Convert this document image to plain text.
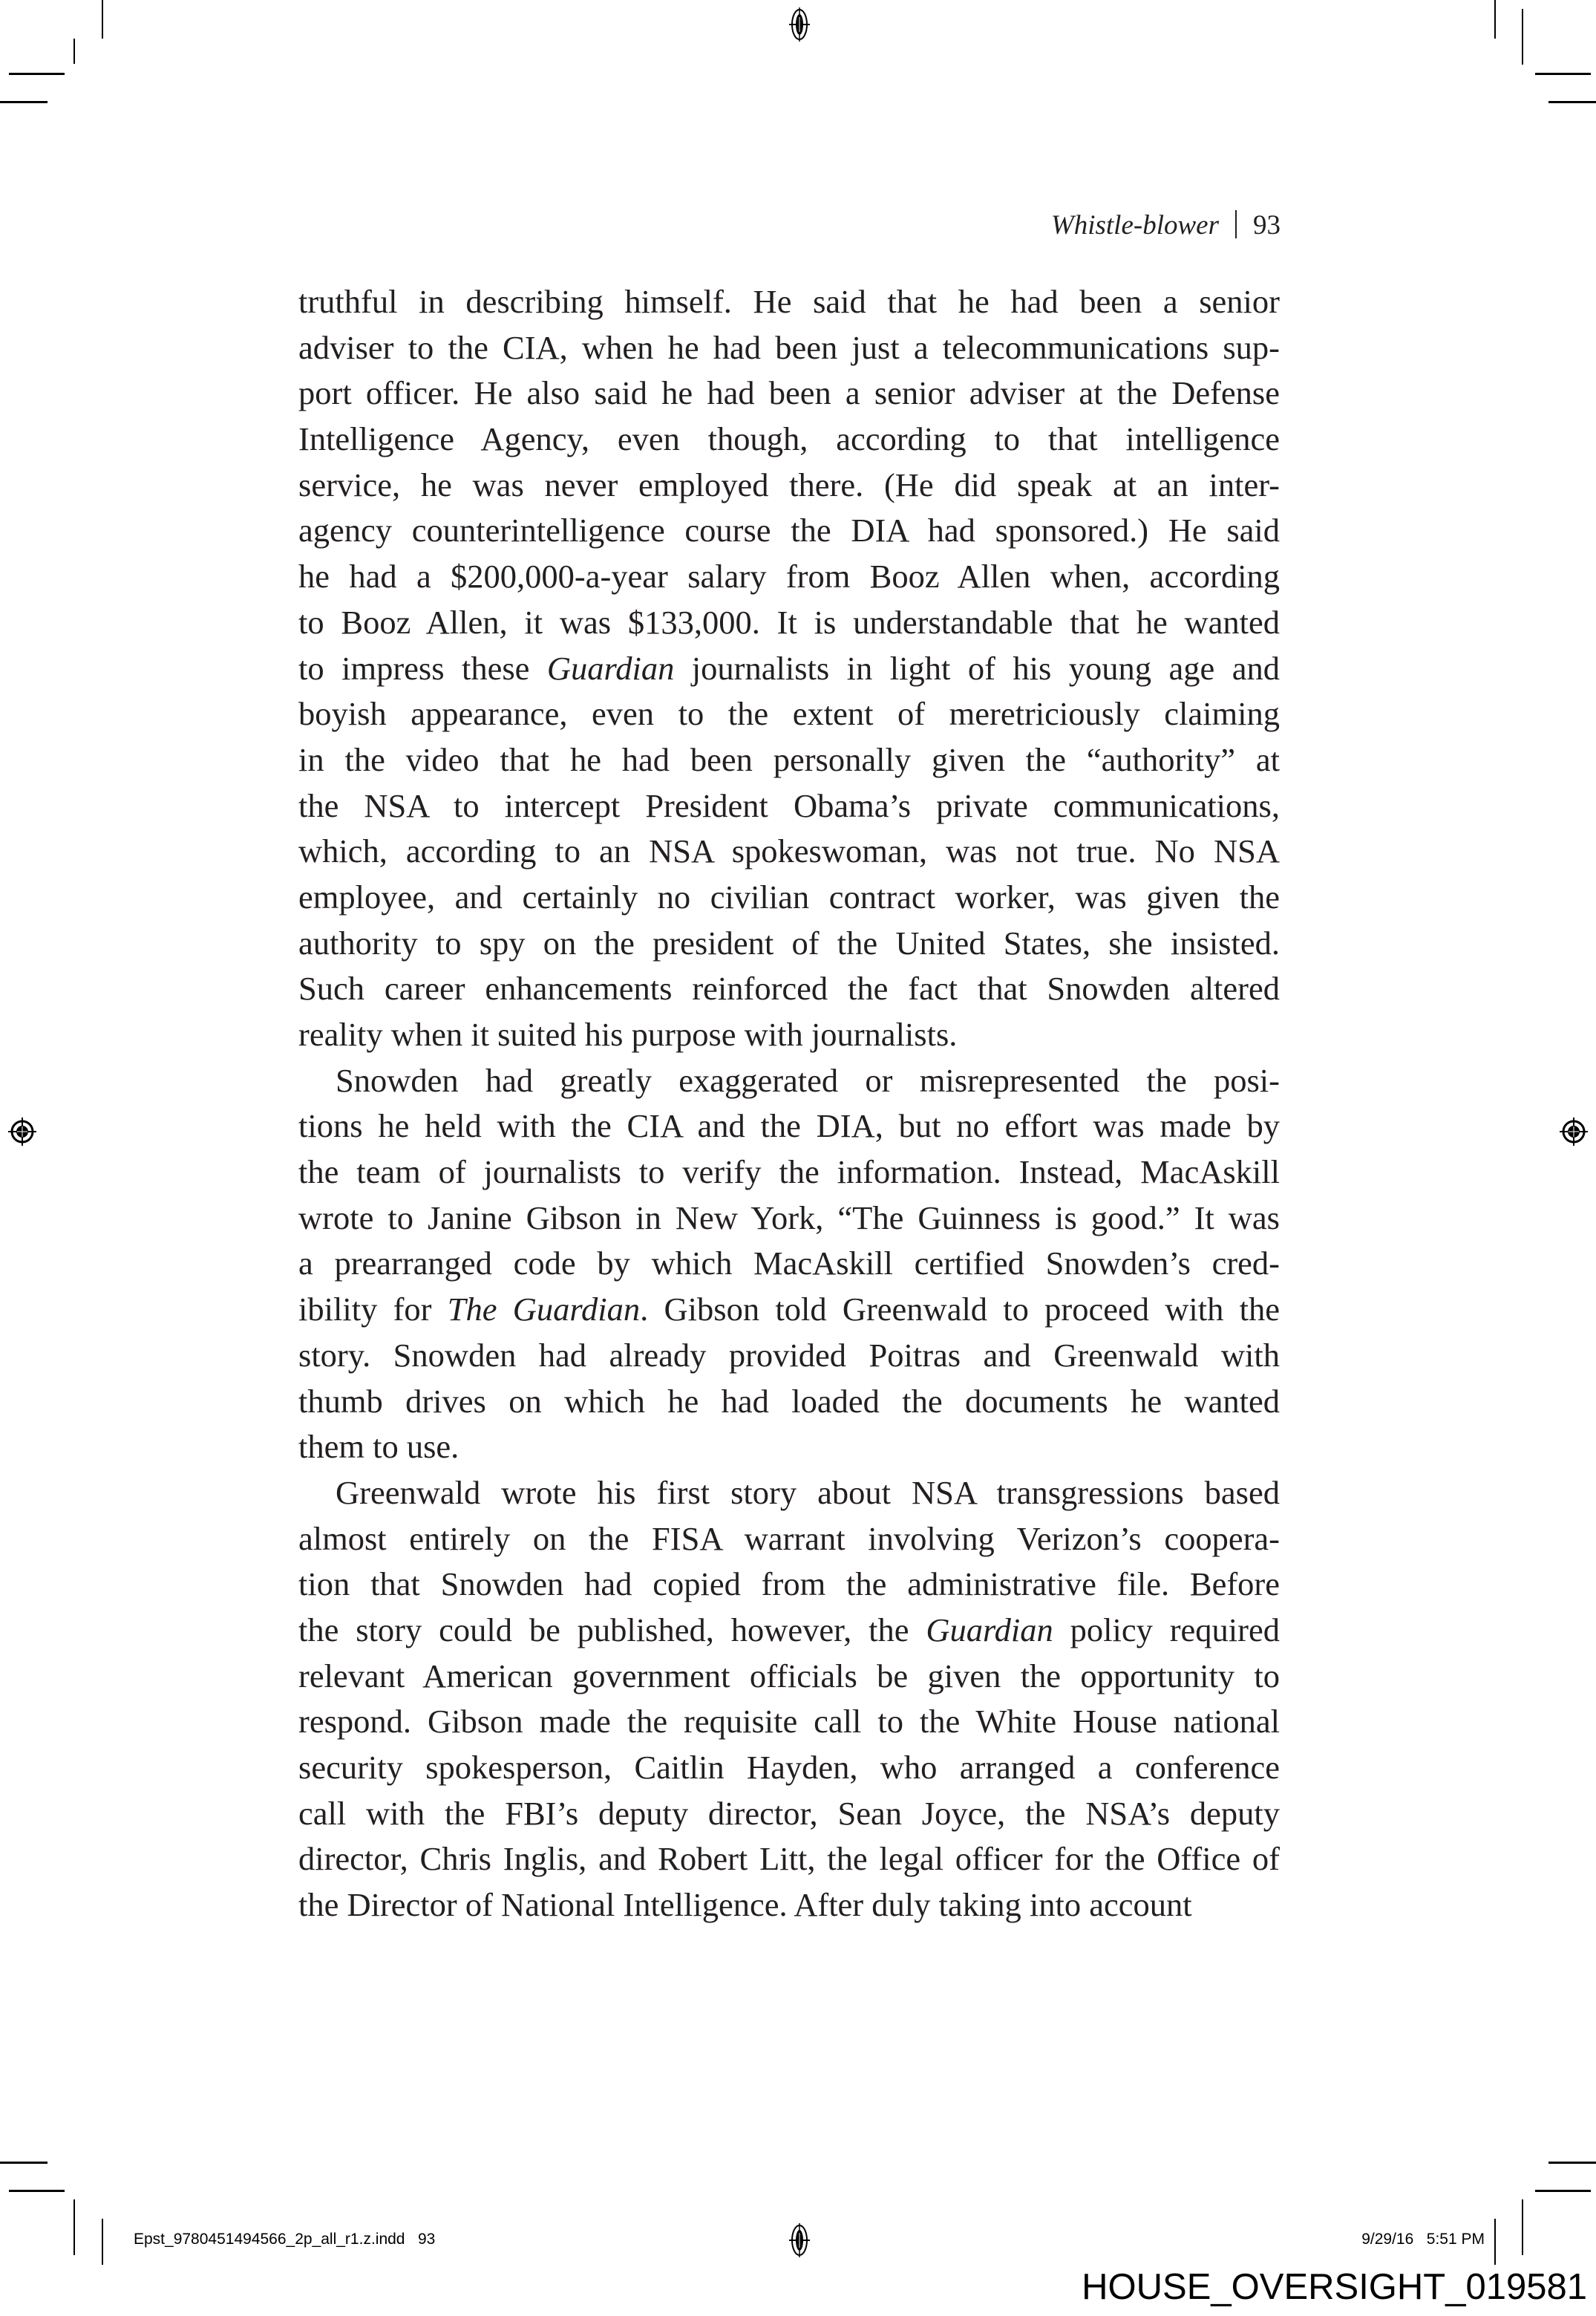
Whistle-blower 93
truthful in describing himself. He said that he had been a senior
adviser to the CIA, when he had been just a telecommunications sup-
port officer. He also said he had been a senior adviser at the Defense
Intelligence Agency, even though, according to that intelligence
service, he was never employed there. (He did speak at an inter-
agency counterintelligence course the DIA had sponsored.) He said
he had a $200,000-a-year salary from Booz Allen when, according
to Booz Allen, it was $133,000. It is understandable that he wanted
to impress these Guardian journalists in light of his young age and
boyish appearance, even to the extent of meretriciously claiming
in the video that he had been personally given the “authority” at
the NSA to intercept President Obama’s private communications,
which, according to an NSA spokeswoman, was not true. No NSA
employee, and certainly no civilian contract worker, was given the
authority to spy on the president of the United States, she insisted.
Such career enhancements reinforced the fact that Snowden altered
reality when it suited his purpose with journalists.
Snowden had greatly exaggerated or misrepresented the posi-
tions he held with the CIA and the DIA, but no effort was made by
the team of journalists to verify the information. Instead, MacAskill
wrote to Janine Gibson in New York, “The Guinness is good.” It was
a prearranged code by which MacAskill certified Snowden’s cred-
ibility for The Guardian. Gibson told Greenwald to proceed with the
story. Snowden had already provided Poitras and Greenwald with
thumb drives on which he had loaded the documents he wanted
them to use.
Greenwald wrote his first story about NSA transgressions based
almost entirely on the FISA warrant involving Verizon’s coopera-
tion that Snowden had copied from the administrative file. Before
the story could be published, however, the Guardian policy required
relevant American government officials be given the opportunity to
respond. Gibson made the requisite call to the White House national
security spokesperson, Caitlin Hayden, who arranged a conference
call with the FBI’s deputy director, Sean Joyce, the NSA’s deputy
director, Chris Inglis, and Robert Litt, the legal officer for the Office of
the Director of National Intelligence. After duly taking into account
Epst_9780451494566_2p_all_r1.z.indd   93	9/29/16   5:51 PM
HOUSE_OVERSIGHT_019581
